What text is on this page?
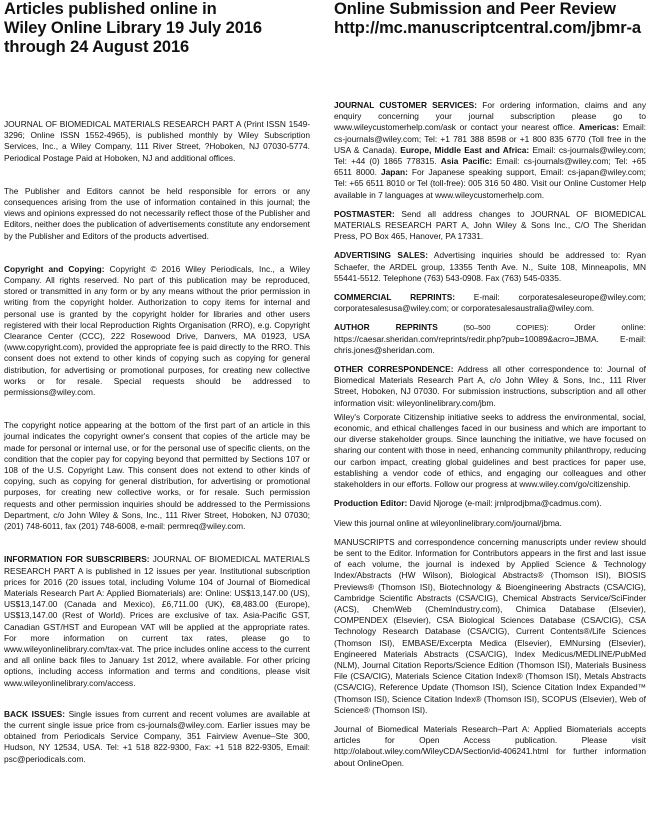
Articles published online in
Wiley Online Library 19 July 2016
through 24 August 2016

JOURNAL OF BIOMEDICAL MATERIALS RESEARCH PART A (Print ISSN 1549-3296; Online ISSN 1552-4965), is published monthly by Wiley Subscription Services, Inc., a Wiley Company, 111 River Street, ?Hoboken, NJ 07030-5774. Periodical Postage Paid at Hoboken, NJ and additional offices.

The Publisher and Editors cannot be held responsible for errors or any consequences arising from the use of information contained in this journal; the views and opinions expressed do not necessarily reflect those of the Publisher and Editors, neither does the publication of advertisements constitute any endorsement by the Publisher and Editors of the products advertised.

Copyright and Copying: Copyright © 2016 Wiley Periodicals, Inc., a Wiley Company. All rights reserved. No part of this publication may be reproduced, stored or transmitted in any form or by any means without the prior permission in writing from the copyright holder. Authorization to copy items for internal and personal use is granted by the copyright holder for libraries and other users registered with their local Reproduction Rights Organisation (RRO), e.g. Copyright Clearance Center (CCC), 222 Rosewood Drive, Danvers, MA 01923, USA (www.copyright.com), provided the appropriate fee is paid directly to the RRO. This consent does not extend to other kinds of copying such as copying for general distribution, for advertising or promotional purposes, for creating new collective works or for resale. Special requests should be addressed to permissions@wiley.com.

The copyright notice appearing at the bottom of the first part of an article in this journal indicates the copyright owner's consent that copies of the article may be made for personal or internal use, or for the personal use of specific clients, on the condition that the copier pay for copying beyond that permitted by Sections 107 or 108 of the U.S. Copyright Law. This consent does not extend to other kinds of copying, such as copying for general distribution, for advertising or promotional purposes, for creating new collective works, or for resale. Such permission requests and other permission inquiries should be addressed to the Permissions Department, c/o John Wiley & Sons, Inc., 111 River Street, Hoboken, NJ 07030; (201) 748-6011, fax (201) 748-6008, e-mail: permreq@wiley.com.

INFORMATION FOR SUBSCRIBERS: JOURNAL OF BIOMEDICAL MATERIALS RESEARCH PART A is published in 12 issues per year. Institutional subscription prices for 2016 (20 issues total, including Volume 104 of Journal of Biomedical Materials Research Part A: Applied Biomaterials) are: Online: US$13,147.00 (US), US$13,147.00 (Canada and Mexico), £6,711.00 (UK), €8,483.00 (Europe), US$13,147.00 (Rest of World). Prices are exclusive of tax. Asia-Pacific GST, Canadian GST/HST and European VAT will be applied at the appropriate rates. For more information on current tax rates, please go to www.wileyonlinelibrary.com/tax-vat. The price includes online access to the current and all online back files to January 1st 2012, where available. For other pricing options, including access information and terms and conditions, please visit www.wileyonlinelibrary.com/access.

BACK ISSUES: Single issues from current and recent volumes are available at the current single issue price from cs-journals@wiley.com. Earlier issues may be obtained from Periodicals Service Company, 351 Fairview Avenue–Ste 300, Hudson, NY 12534, USA. Tel: +1 518 822-9300, Fax: +1 518 822-9305, Email: psc@periodicals.com.

Online Submission and Peer Review
http://mc.manuscriptcentral.com/jbmr-a

JOURNAL CUSTOMER SERVICES: For ordering information, claims and any enquiry concerning your journal subscription please go to www.wileycustomerhelp.com/ask or contact your nearest office. Americas: Email: cs-journals@wiley.com; Tel: +1 781 388 8598 or +1 800 835 6770 (Toll free in the USA & Canada). Europe, Middle East and Africa: Email: cs-journals@wiley.com; Tel: +44 (0) 1865 778315. Asia Pacific: Email: cs-journals@wiley.com; Tel: +65 6511 8000. Japan: For Japanese speaking support, Email: cs-japan@wiley.com; Tel: +65 6511 8010 or Tel (toll-free): 005 316 50 480. Visit our Online Customer Help available in 7 languages at www.wileycustomerhelp.com.

POSTMASTER: Send all address changes to JOURNAL OF BIOMEDICAL MATERIALS RESEARCH PART A, John Wiley & Sons Inc., C/O The Sheridan Press, PO Box 465, Hanover, PA 17331.

ADVERTISING SALES: Advertising inquiries should be addressed to: Ryan Schaefer, the ARDEL group, 13355 Tenth Ave. N., Suite 108, Minneapolis, MN 55441-5512. Telephone (763) 543-0908. Fax (763) 545-0335.

COMMERCIAL REPRINTS: E-mail: corporatesaleseurope@wiley.com; corporatesalesusa@wiley.com; or corporatesalesaustralia@wiley.com.

AUTHOR REPRINTS (50–500 COPIES): Order online: https://caesar.sheridan.com/reprints/redir.php?pub=10089&acro=JBMA. E-mail: chris.jones@sheridan.com.

OTHER CORRESPONDENCE: Address all other correspondence to: Journal of Biomedical Materials Research Part A, c/o John Wiley & Sons, Inc., 111 River Street, Hoboken, NJ 07030. For submission instructions, subscription and all other information visit: wileyonlinelibrary.com/jbm.

Wiley's Corporate Citizenship initiative seeks to address the environmental, social, economic, and ethical challenges faced in our business and which are important to our diverse stakeholder groups. Since launching the initiative, we have focused on sharing our content with those in need, enhancing community philanthropy, reducing our carbon impact, creating global guidelines and best practices for paper use, establishing a vendor code of ethics, and engaging our colleagues and other stakeholders in our efforts. Follow our progress at www.wiley.com/go/citizenship.

Production Editor: David Njoroge (e-mail: jrnlprodjbma@cadmus.com).

View this journal online at wileyonlinelibrary.com/journal/jbma.

MANUSCRIPTS and correspondence concerning manuscripts under review should be sent to the Editor. Information for Contributors appears in the first and last issue of each volume, the journal is indexed by Applied Science & Technology Index/Abstracts (HW Wilson), Biological Abstracts® (Thomson ISI), BIOSIS Previews® (Thomson ISI), Biotechnology & Bioengineering Abstracts (CSA/CIG), Cambridge Scientific Abstracts (CSA/CIG), Chemical Abstracts Service/SciFinder (ACS), ChemWeb (ChemIndustry.com), Chimica Database (Elsevier), COMPENDEX (Elsevier), CSA Biological Sciences Database (CSA/CIG), CSA Technology Research Database (CSA/CIG), Current Contents®/Life Sciences (Thomson ISI), EMBASE/Excerpta Medica (Elsevier), EMNursing (Elsevier), Engineered Materials Abstracts (CSA/CIG), Index Medicus/MEDLINE/PubMed (NLM), Journal Citation Reports/Science Edition (Thomson ISI), Materials Business File (CSA/CIG), Materials Science Citation Index® (Thomson ISI), Metals Abstracts (CSA/CIG), Reference Update (Thomson ISI), Science Citation Index Expanded™ (Thomson ISI), Science Citation Index® (Thomson ISI), SCOPUS (Elsevier), Web of Science® (Thomson ISI).

Journal of Biomedical Materials Research–Part A: Applied Biomaterials accepts articles for Open Access publication. Please visit http://olabout.wiley.com/WileyCDA/Section/id-406241.html for further information about OnlineOpen.
